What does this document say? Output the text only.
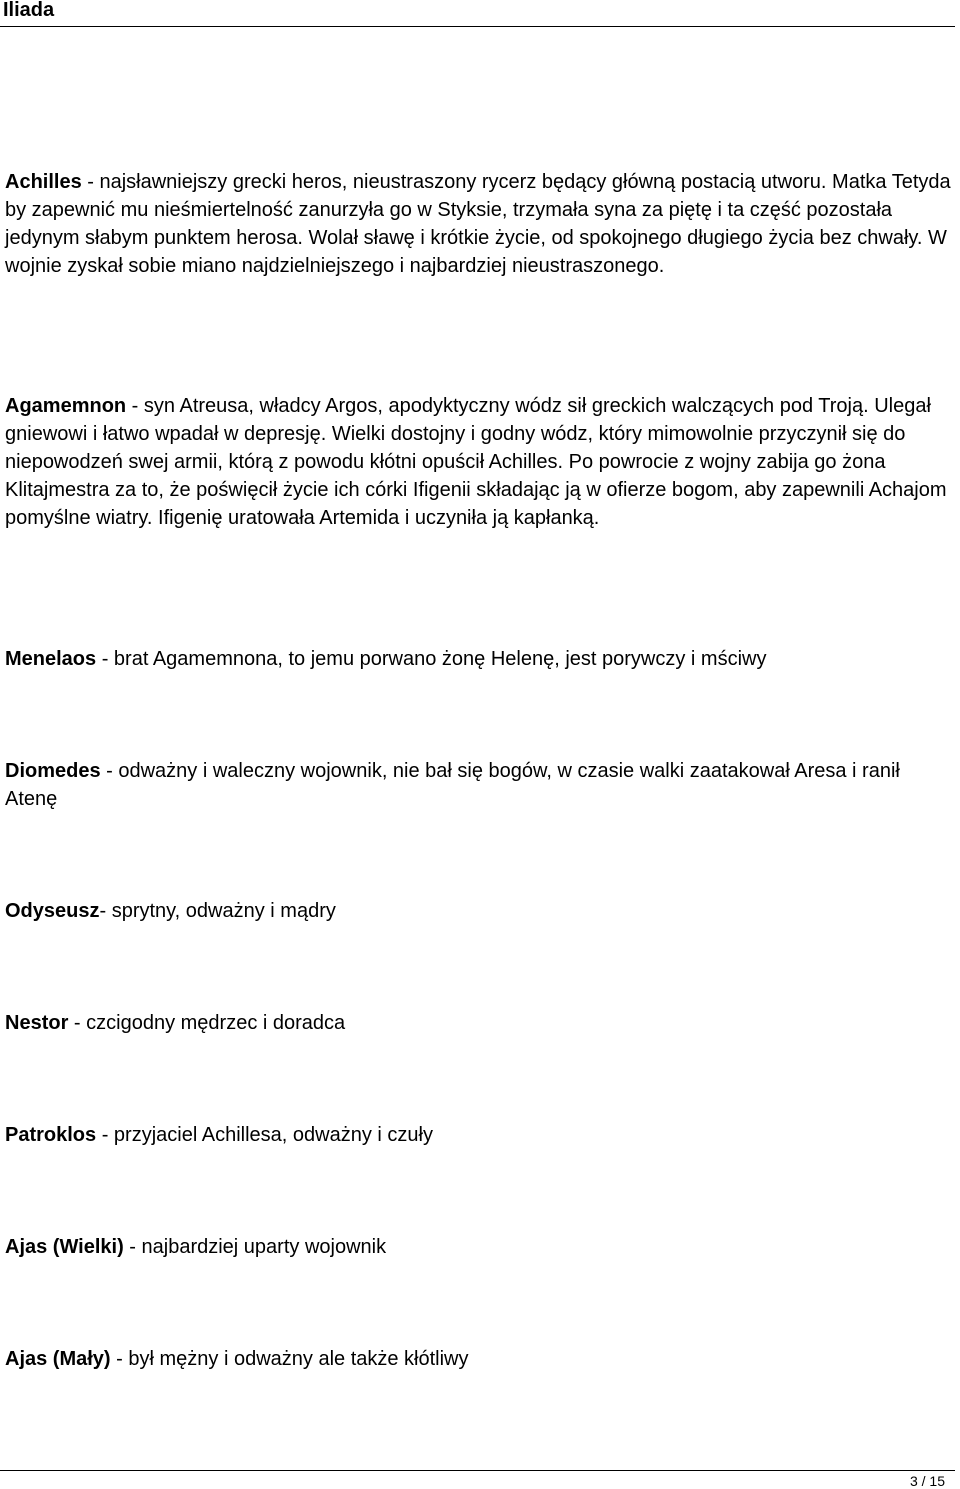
Iliada

Achilles - najsławniejszy grecki heros, nieustraszony rycerz będący główną postacią utworu. Matka Tetyda by zapewnić mu nieśmiertelność zanurzyła go w Styksie, trzymała syna za piętę i ta część pozostała jedynym słabym punktem herosa. Wolał sławę i krótkie życie, od spokojnego długiego życia bez chwały. W wojnie zyskał sobie miano najdzielniejszego i najbardziej nieustraszonego.

Agamemnon - syn Atreusa, władcy Argos, apodyktyczny wódz sił greckich walczących pod Troją. Ulegał gniewowi i łatwo wpadał w depresję. Wielki dostojny i godny wódz, który mimowolnie przyczynił się do niepowodzeń swej armii, którą z powodu kłótni opuścił Achilles. Po powrocie z wojny zabija go żona Klitajmestra za to, że poświęcił życie ich córki Ifigenii składając ją w ofierze bogom, aby zapewnili Achajom pomyślne wiatry. Ifigenię uratowała Artemida i uczyniła ją kapłanką.

Menelaos - brat Agamemnona, to jemu porwano żonę Helenę, jest porywczy i mściwy

Diomedes - odważny i waleczny wojownik, nie bał się bogów, w czasie walki zaatakował Aresa i ranił Atenę

Odyseusz- sprytny, odważny i mądry

Nestor - czcigodny mędrzec i doradca

Patroklos - przyjaciel Achillesa, odważny i czuły

Ajas (Wielki) - najbardziej uparty wojownik

Ajas (Mały) - był mężny i odważny ale także kłótliwy

3 / 15
